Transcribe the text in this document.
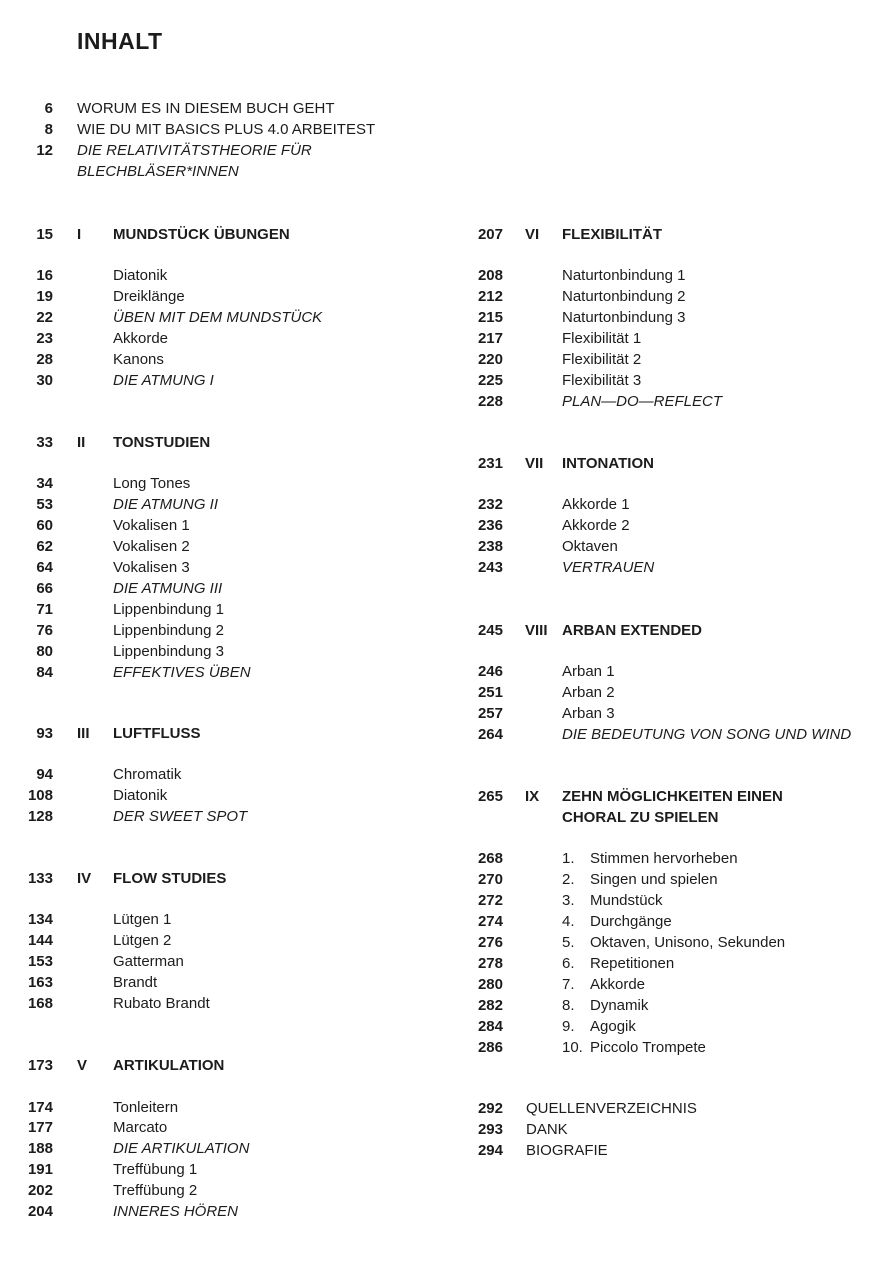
INHALT
6 WORUM ES IN DIESEM BUCH GEHT
8 WIE DU MIT BASICS PLUS 4.0 ARBEITEST
12 DIE RELATIVITÄTSTHEORIE FÜR
BLECHBLÄSER*INNEN
15 I MUNDSTÜCK ÜBUNGEN
16	Diatonik
19	Dreiklänge
22	ÜBEN MIT DEM MUNDSTÜCK
23	Akkorde
28	Kanons
30	DIE ATMUNG I
33 II TONSTUDIEN
34	Long Tones
53	DIE ATMUNG II
60	Vokalisen 1
62	Vokalisen 2
64	Vokalisen 3
66	DIE ATMUNG III
71	Lippenbindung 1
76	Lippenbindung 2
80	Lippenbindung 3
84	EFFEKTIVES ÜBEN
93 III LUFTFLUSS
94	Chromatik
108	Diatonik
128	DER SWEET SPOT
133 IV FLOW STUDIES
134	Lütgen 1
144	Lütgen 2
153	Gatterman
163	Brandt
168	Rubato Brandt
173 V ARTIKULATION
174	Tonleitern
177	Marcato
188	DIE ARTIKULATION
191	Treffübung 1
202	Treffübung 2
204	INNERES HÖREN
207 VI FLEXIBILITÄT
208	Naturtonbindung 1
212	Naturtonbindung 2
215	Naturtonbindung 3
217	Flexibilität 1
220	Flexibilität 2
225	Flexibilität 3
228	PLAN—DO—REFLECT
231 VII INTONATION
232	Akkorde 1
236	Akkorde 2
238	Oktaven
243	VERTRAUEN
245 VIII ARBAN EXTENDED
246	Arban 1
251	Arban 2
257	Arban 3
264	DIE BEDEUTUNG VON SONG UND WIND
265 IX ZEHN MÖGLICHKEITEN EINEN
CHORAL ZU SPIELEN
268	1. Stimmen hervorheben
270	2. Singen und spielen
272	3. Mundstück
274	4. Durchgänge
276	5. Oktaven, Unisono, Sekunden
278	6. Repetitionen
280	7. Akkorde
282	8. Dynamik
284	9. Agogik
286	10. Piccolo Trompete
292 QUELLENVERZEICHNIS
293 DANK
294 BIOGRAFIE
